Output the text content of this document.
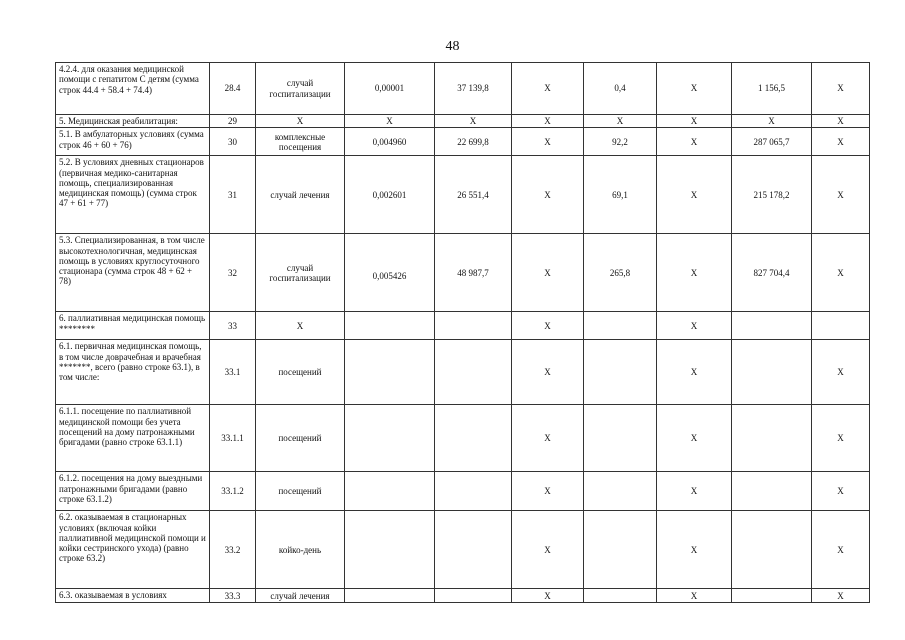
48
4.2.4. для оказания медицинской помощи с гепатитом С детям (сумма строк 44.4 + 58.4 + 74.4)	28.4	случай госпитализации	0,00001	37 139,8	Х	0,4	Х	1 156,5	Х
5. Медицинская реабилитация:	29	Х	Х	Х	Х	Х	Х	Х	Х
5.1. В амбулаторных условиях (сумма строк 46 + 60 + 76)	30	комплексные посещения	0,004960	22 699,8	Х	92,2	Х	287 065,7	Х
5.2. В условиях дневных стационаров (первичная медико-санитарная помощь, специализированная медицинская помощь) (сумма строк 47 + 61 + 77)	31	случай лечения	0,002601	26 551,4	Х	69,1	Х	215 178,2	Х
5.3. Специализированная, в том числе высокотехнологичная, медицинская помощь в условиях круглосуточного стационара (сумма строк 48 + 62 + 78)	32	случай госпитализации	0,005426	48 987,7	Х	265,8	Х	827 704,4	Х
6. паллиативная медицинская помощь ********	33	Х			Х		Х		
6.1. первичная медицинская помощь, в том числе доврачебная и врачебная *******, всего (равно строке 63.1), в том числе:	33.1	посещений			Х		Х		Х
6.1.1. посещение по паллиативной медицинской помощи без учета посещений на дому патронажными бригадами (равно строке 63.1.1)	33.1.1	посещений			Х		Х		Х
6.1.2. посещения на дому выездными патронажными бригадами (равно строке 63.1.2)	33.1.2	посещений			Х		Х		Х
6.2. оказываемая в стационарных условиях (включая койки паллиативной медицинской помощи и койки сестринского ухода) (равно строке 63.2)	33.2	койко-день			Х		Х		Х
6.3. оказываемая в условиях	33.3	случай лечения			Х		Х		Х
